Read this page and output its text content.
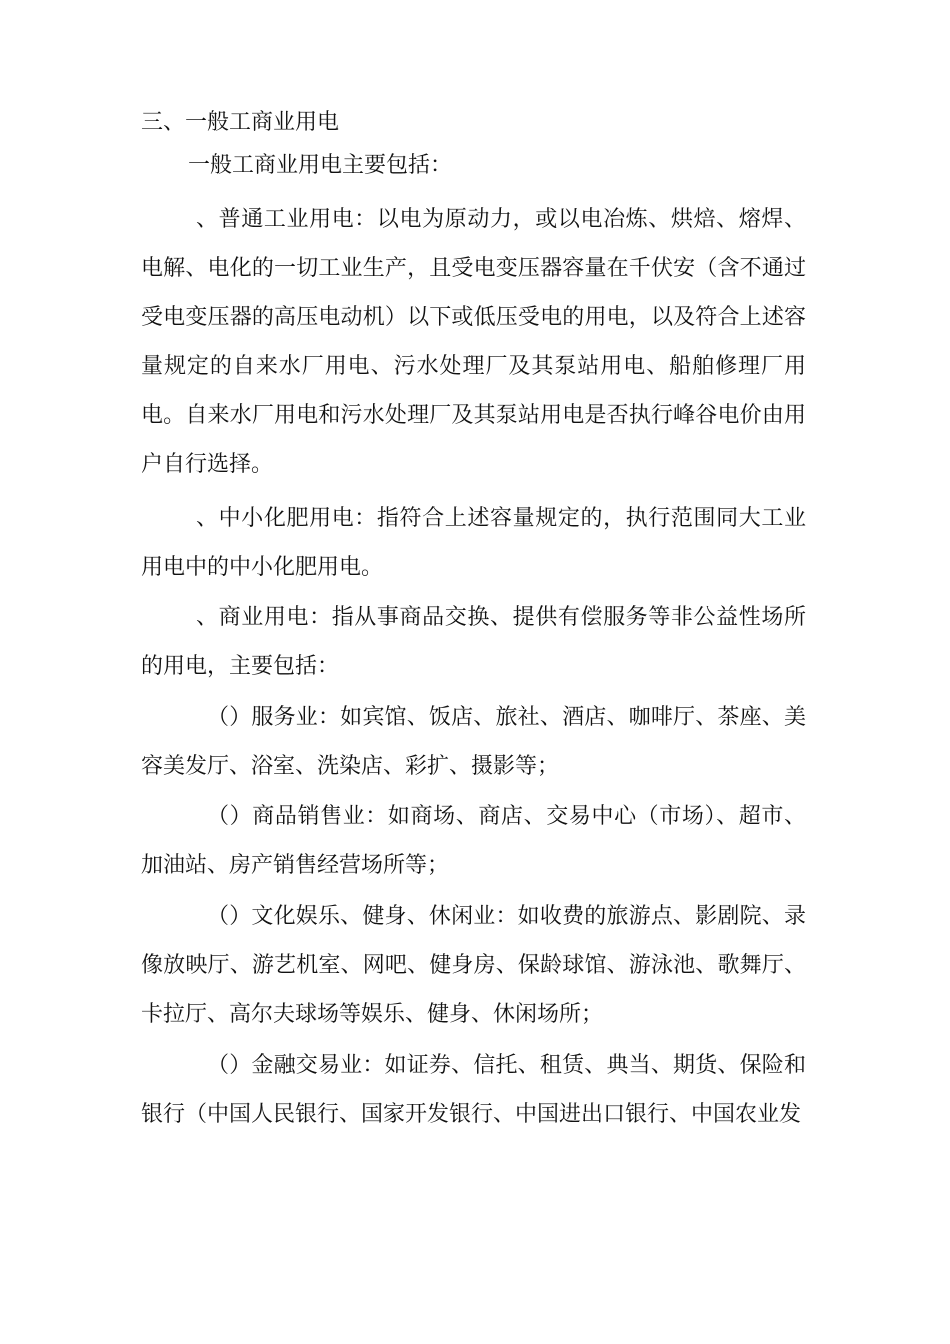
三、一般工商业用电
一般工商业用电主要包括：
、普通工业用电：以电为原动力，或以电冶炼、烘焙、熔焊、电解、电化的一切工业生产，且受电变压器容量在千伏安（含不通过受电变压器的高压电动机）以下或低压受电的用电，以及符合上述容量规定的自来水厂用电、污水处理厂及其泵站用电、船舶修理厂用电。自来水厂用电和污水处理厂及其泵站用电是否执行峰谷电价由用户自行选择。
、中小化肥用电：指符合上述容量规定的，执行范围同大工业用电中的中小化肥用电。
、商业用电：指从事商品交换、提供有偿服务等非公益性场所的用电，主要包括：
（）服务业：如宾馆、饭店、旅社、酒店、咖啡厅、茶座、美容美发厅、浴室、洗染店、彩扩、摄影等；
（）商品销售业：如商场、商店、交易中心（市场）、超市、加油站、房产销售经营场所等；
（）文化娱乐、健身、休闲业：如收费的旅游点、影剧院、录像放映厅、游艺机室、网吧、健身房、保龄球馆、游泳池、歌舞厅、卡拉厅、高尔夫球场等娱乐、健身、休闲场所；
（）金融交易业：如证券、信托、租赁、典当、期货、保险和银行（中国人民银行、国家开发银行、中国进出口银行、中国农业发
